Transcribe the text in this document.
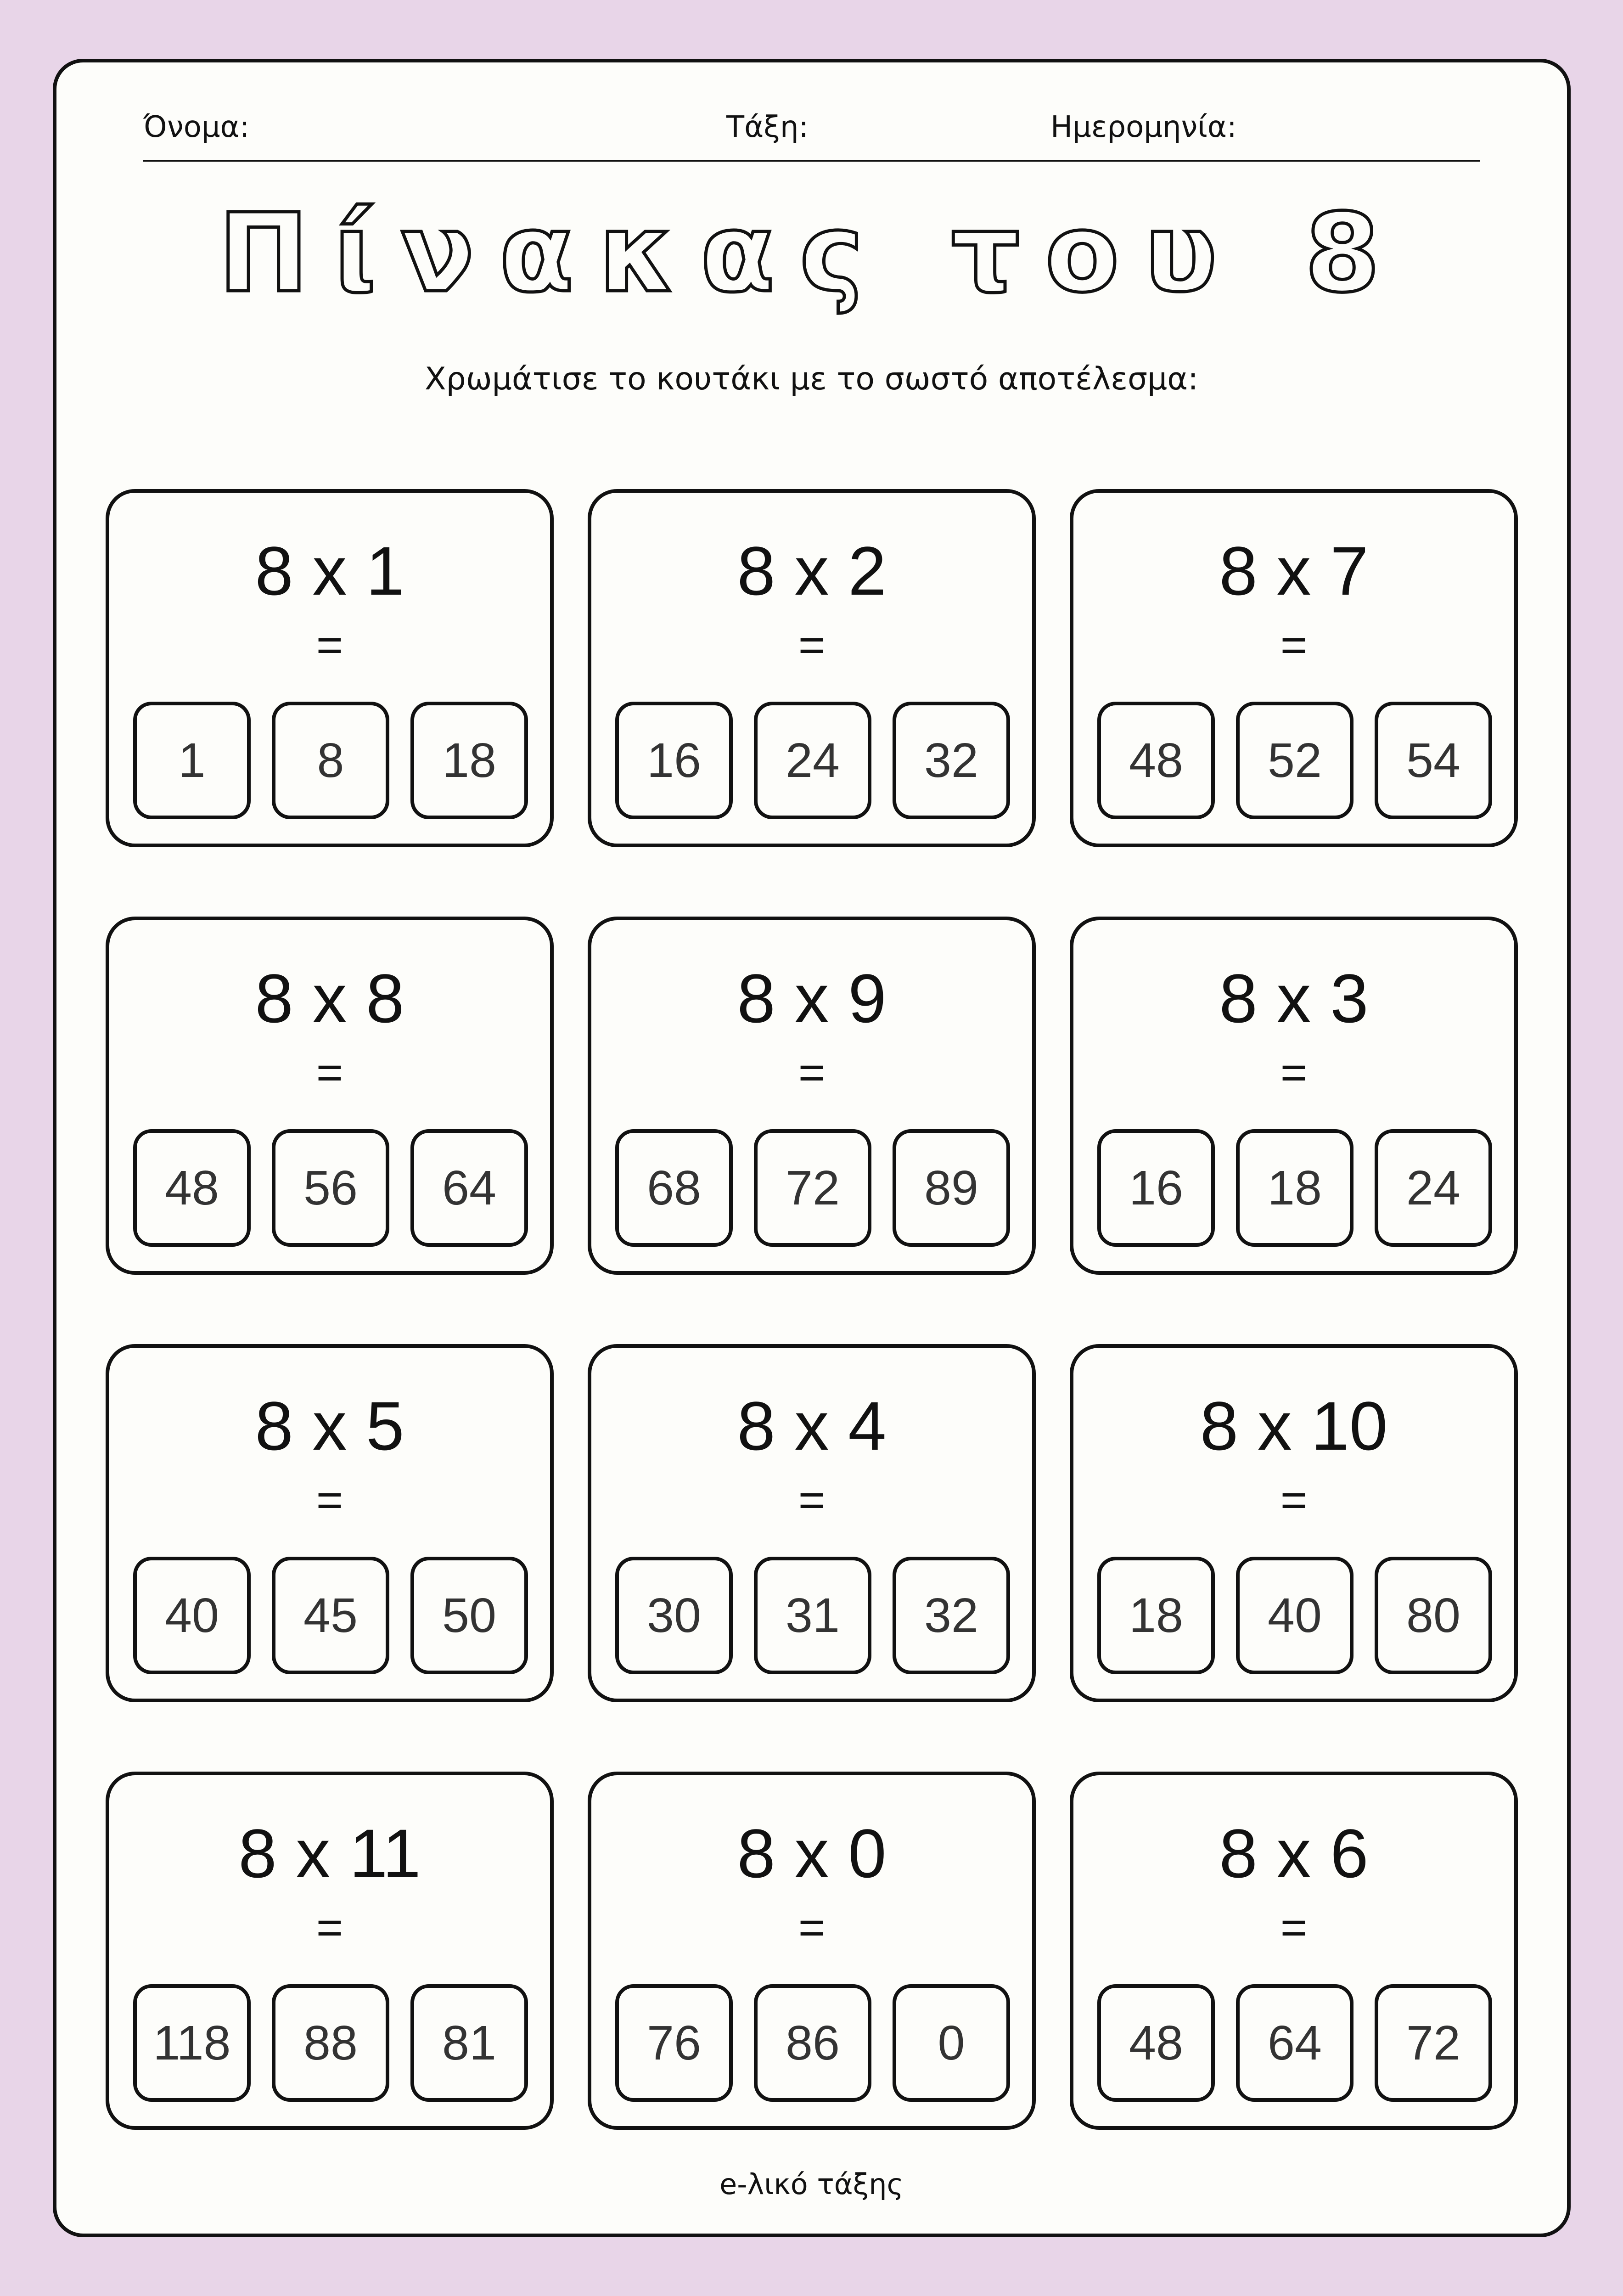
Όνομα:	Τάξη:	Ημερομηνία:
Πίνακας του 8
Χρωμάτισε το κουτάκι με το σωστό αποτέλεσμα:
8 x 1
=
1	8	18
8 x 2
=
16	24	32
8 x 7
=
48	52	54
8 x 8
=
48	56	64
8 x 9
=
68	72	89
8 x 3
=
16	18	24
8 x 5
=
40	45	50
8 x 4
=
30	31	32
8 x 10
=
18	40	80
8 x 11
=
118	88	81
8 x 0
=
76	86	0
8 x 6
=
48	64	72
e-λικό τάξης
